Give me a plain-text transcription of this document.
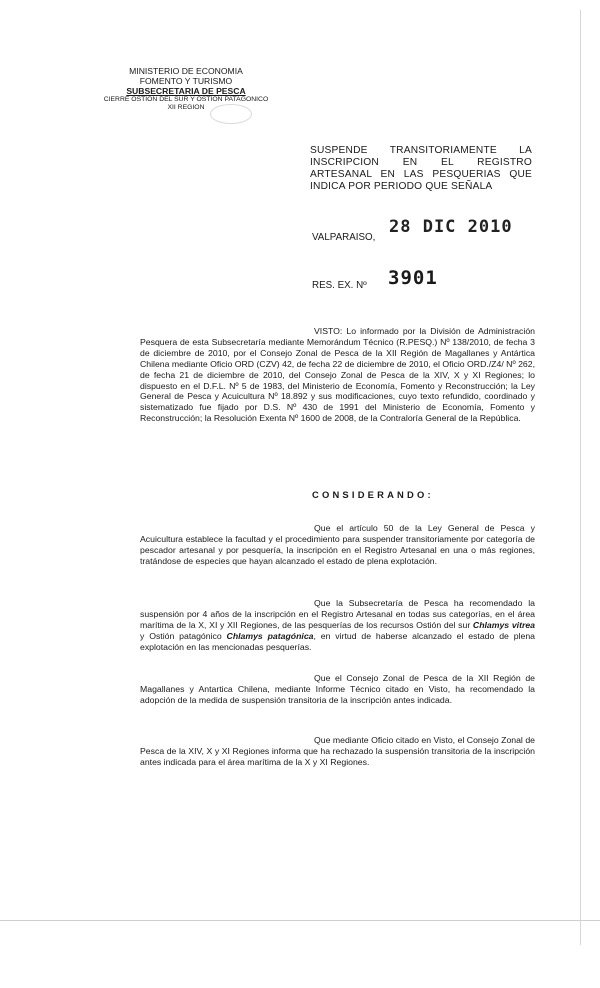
MINISTERIO DE ECONOMIA
FOMENTO Y TURISMO
SUBSECRETARIA DE PESCA
CIERRE OSTION DEL SUR Y OSTION PATAGONICO
XII REGION
SUSPENDE TRANSITORIAMENTE LA INSCRIPCION EN EL REGISTRO ARTESANAL EN LAS PESQUERIAS QUE INDICA POR PERIODO QUE SEÑALA
VALPARAISO,
28 DIC 2010
RES. EX. Nº 3901
VISTO: Lo informado por la División de Administración Pesquera de esta Subsecretaría mediante Memorándum Técnico (R.PESQ.) Nº 138/2010, de fecha 3 de diciembre de 2010, por el Consejo Zonal de Pesca de la XII Región de Magallanes y Antártica Chilena mediante Oficio ORD (CZV) 42, de fecha 22 de diciembre de 2010, el Oficio ORD./Z4/ Nº 262, de fecha 21 de diciembre de 2010, del Consejo Zonal de Pesca de la XIV, X y XI Regiones; lo dispuesto en el D.F.L. Nº 5 de 1983, del Ministerio de Economía, Fomento y Reconstrucción; la Ley General de Pesca y Acuicultura Nº 18.892 y sus modificaciones, cuyo texto refundido, coordinado y sistematizado fue fijado por D.S. Nº 430 de 1991 del Ministerio de Economía, Fomento y Reconstrucción; la Resolución Exenta Nº 1600 de 2008, de la Contraloría General de la República.
CONSIDERANDO:
Que el artículo 50 de la Ley General de Pesca y Acuicultura establece la facultad y el procedimiento para suspender transitoriamente por categoría de pescador artesanal y por pesquería, la inscripción en el Registro Artesanal en una o más regiones, tratándose de especies que hayan alcanzado el estado de plena explotación.
Que la Subsecretaría de Pesca ha recomendado la suspensión por 4 años de la inscripción en el Registro Artesanal en todas sus categorías, en el área marítima de la X, XI y XII Regiones, de las pesquerías de los recursos Ostión del sur Chlamys vitrea y Ostión patagónico Chlamys patagónica, en virtud de haberse alcanzado el estado de plena explotación en las mencionadas pesquerías.
Que el Consejo Zonal de Pesca de la XII Región de Magallanes y Antartica Chilena, mediante Informe Técnico citado en Visto, ha recomendado la adopción de la medida de suspensión transitoria de la inscripción antes indicada.
Que mediante Oficio citado en Visto, el Consejo Zonal de Pesca de la XIV, X y XI Regiones informa que ha rechazado la suspensión transitoria de la inscripción antes indicada para el área marítima de la X y XI Regiones.
